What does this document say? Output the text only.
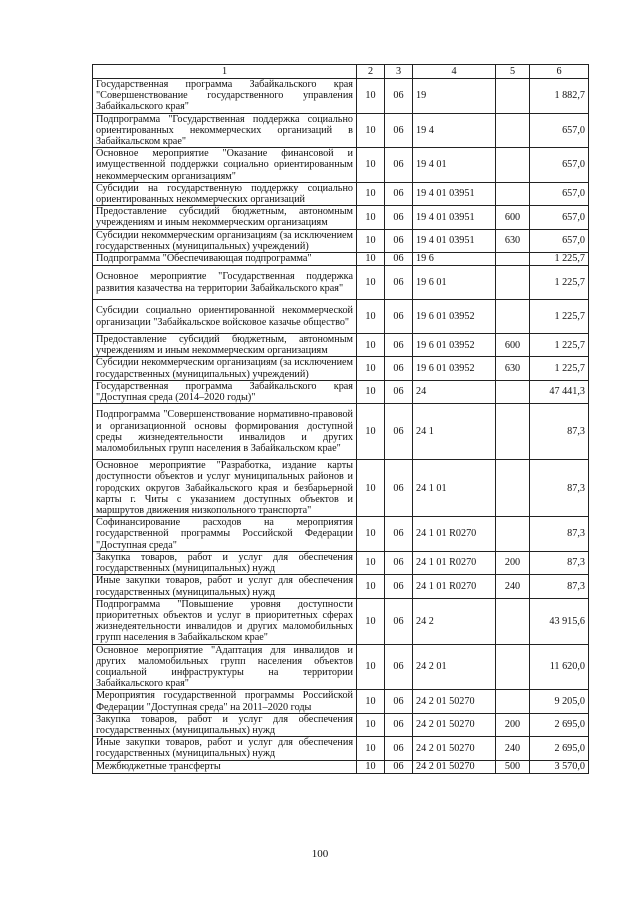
1	2	3	4	5	6
Государственная программа Забайкальского края "Совершенствование государственного управления Забайкальского края"	10	06	19		1 882,7
Подпрограмма "Государственная поддержка социально ориентированных некоммерческих организаций в Забайкальском крае"	10	06	19 4		657,0
Основное мероприятие "Оказание финансовой и имущественной поддержки социально ориентированным некоммерческим организациям"	10	06	19 4 01		657,0
Субсидии на государственную поддержку социально ориентированных некоммерческих организаций	10	06	19 4 01 03951		657,0
Предоставление субсидий бюджетным, автономным учреждениям и иным некоммерческим организациям	10	06	19 4 01 03951	600	657,0
Субсидии некоммерческим организациям (за исключением государственных (муниципальных) учреждений)	10	06	19 4 01 03951	630	657,0
Подпрограмма "Обеспечивающая подпрограмма"	10	06	19 6		1 225,7
Основное мероприятие "Государственная поддержка развития казачества на территории Забайкальского края"	10	06	19 6 01		1 225,7
Субсидии социально ориентированной некоммерческой организации "Забайкальское войсковое казачье общество"	10	06	19 6 01 03952		1 225,7
Предоставление субсидий бюджетным, автономным учреждениям и иным некоммерческим организациям	10	06	19 6 01 03952	600	1 225,7
Субсидии некоммерческим организациям (за исключением государственных (муниципальных) учреждений)	10	06	19 6 01 03952	630	1 225,7
Государственная программа Забайкальского края "Доступная среда (2014–2020 годы)"	10	06	24		47 441,3
Подпрограмма "Совершенствование нормативно-правовой и организационной основы формирования доступной среды жизнедеятельности инвалидов и других маломобильных групп населения в Забайкальском крае"	10	06	24 1		87,3
Основное мероприятие "Разработка, издание карты доступности объектов и услуг муниципальных районов и городских округов Забайкальского края и безбарьерной карты г. Читы с указанием доступных объектов и маршрутов движения низкопольного транспорта"	10	06	24 1 01		87,3
Софинансирование расходов на мероприятия государственной программы Российской Федерации "Доступная среда"	10	06	24 1 01 R0270		87,3
Закупка товаров, работ и услуг для обеспечения государственных (муниципальных) нужд	10	06	24 1 01 R0270	200	87,3
Иные закупки товаров, работ и услуг для обеспечения государственных (муниципальных) нужд	10	06	24 1 01 R0270	240	87,3
Подпрограмма "Повышение уровня доступности приоритетных объектов и услуг в приоритетных сферах жизнедеятельности инвалидов и других маломобильных групп населения в Забайкальском крае"	10	06	24 2		43 915,6
Основное мероприятие "Адаптация для инвалидов и других маломобильных групп населения объектов социальной инфраструктуры на территории Забайкальского края"	10	06	24 2 01		11 620,0
Мероприятия государственной программы Российской Федерации "Доступная среда" на 2011–2020 годы	10	06	24 2 01 50270		9 205,0
Закупка товаров, работ и услуг для обеспечения государственных (муниципальных) нужд	10	06	24 2 01 50270	200	2 695,0
Иные закупки товаров, работ и услуг для обеспечения государственных (муниципальных) нужд	10	06	24 2 01 50270	240	2 695,0
Межбюджетные трансферты	10	06	24 2 01 50270	500	3 570,0
100
